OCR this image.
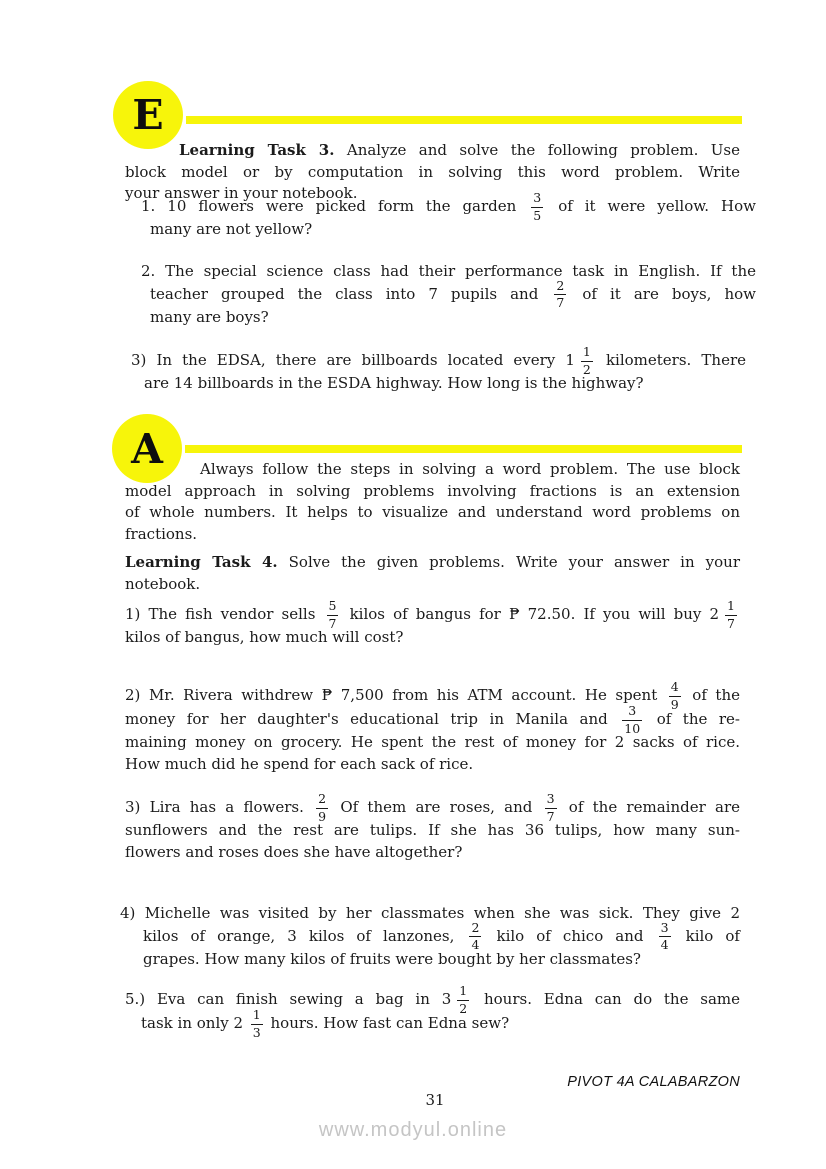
E
Learning Task 3. Analyze and solve the following problem. Use
block model or by computation in solving this word problem. Write
your answer in your notebook.
1. 10 flowers were picked form the garden $\frac{3}{5}$ of it were yellow. How
many are not yellow?
2. The special science class had their performance task in English. If the
teacher grouped the class into 7 pupils and $\frac{2}{7}$ of it are boys, how
many are boys?
3) In the EDSA, there are billboards located every $1 \frac{1}{2}$ kilometers. There
are 14 billboards in the ESDA highway. How long is the highway?
A	Always follow the steps in solving a word problem. The use block
model approach in solving problems involving fractions is an extension
of whole numbers. It helps to visualize and understand word problems on
fractions.
Learning Task 4. Solve the given problems. Write your answer in your
notebook.
1) The fish vendor sells $\frac{5}{7}$ kilos of bangus for ₱ 72.50. If you will buy $2 \frac{1}{7}$
kilos of bangus, how much will cost?
2) Mr. Rivera withdrew ₱ 7,500 from his ATM account. He spent $\frac{4}{9}$ of the
money for her daughter's educational trip in Manila and $\frac{3}{10}$ of the re-
maining money on grocery. He spent the rest of money for 2 sacks of rice.
How much did he spend for each sack of rice.
3) Lira has a flowers. $\frac{2}{9}$ Of them are roses, and $\frac{3}{7}$ of the remainder are
sunflowers and the rest are tulips. If she has 36 tulips, how many sun-
flowers and roses does she have altogether?
4) Michelle was visited by her classmates when she was sick. They give 2
kilos of orange, 3 kilos of lanzones, $\frac{2}{4}$ kilo of chico and $\frac{3}{4}$ kilo of
grapes. How many kilos of fruits were bought by her classmates?
5.) Eva can finish sewing a bag in $3 \frac{1}{2}$ hours. Edna can do the same
task in only $2 \frac{1}{3}$ hours. How fast can Edna sew?
PIVOT 4A CALABARZON
31
www.modyul.online
